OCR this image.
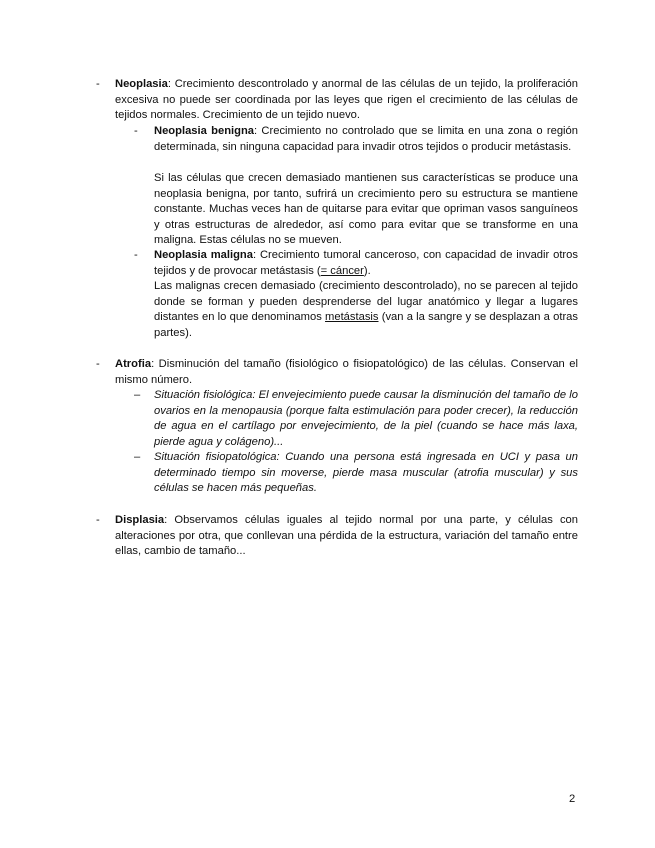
- Neoplasia: Crecimiento descontrolado y anormal de las células de un tejido, la proliferación excesiva no puede ser coordinada por las leyes que rigen el crecimiento de las células de tejidos normales. Crecimiento de un tejido nuevo.

- Neoplasia benigna: Crecimiento no controlado que se limita en una zona o región determinada, sin ninguna capacidad para invadir otros tejidos o producir metástasis.

Si las células que crecen demasiado mantienen sus características se produce una neoplasia benigna, por tanto, sufrirá un crecimiento pero su estructura se mantiene constante. Muchas veces han de quitarse para evitar que opriman vasos sanguíneos y otras estructuras de alrededor, así como para evitar que se transforme en una maligna. Estas células no se mueven.

- Neoplasia maligna: Crecimiento tumoral canceroso, con capacidad de invadir otros tejidos y de provocar metástasis (= cáncer).

Las malignas crecen demasiado (crecimiento descontrolado), no se parecen al tejido donde se forman y pueden desprenderse del lugar anatómico y llegar a lugares distantes en lo que denominamos metástasis (van a la sangre y se desplazan a otras partes).

- Atrofia: Disminución del tamaño (fisiológico o fisiopatológico) de las células. Conservan el mismo número.

– Situación fisiológica: El envejecimiento puede causar la disminución del tamaño de lo ovarios en la menopausia (porque falta estimulación para poder crecer), la reducción de agua en el cartílago por envejecimiento, de la piel (cuando se hace más laxa, pierde agua y colágeno)...

– Situación fisiopatológica: Cuando una persona está ingresada en UCI y pasa un determinado tiempo sin moverse, pierde masa muscular (atrofia muscular) y sus células se hacen más pequeñas.

- Displasia: Observamos células iguales al tejido normal por una parte, y células con alteraciones por otra, que conllevan una pérdida de la estructura, variación del tamaño entre ellas, cambio de tamaño...

2
